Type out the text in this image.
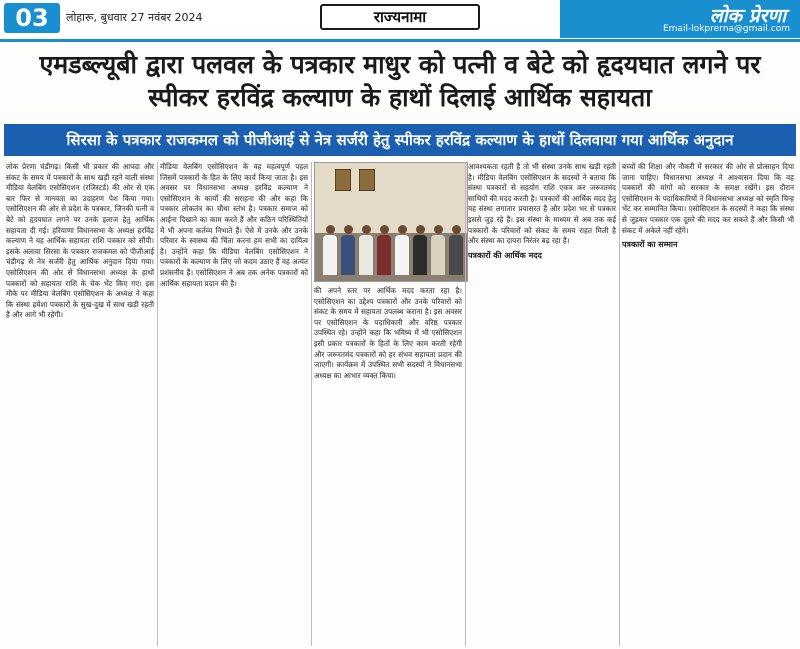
03	लोहारू, बुधवार 27 नवंबर 2024	राज्यनामा	लोक प्रेरणा
Email-lokprerna@gmail.com
एमडब्ल्यूबी द्वारा पलवल के पत्रकार माधुर को पत्नी व बेटे को हृदयघात लगने पर स्पीकर हरविंद्र कल्याण के हाथों दिलाई आर्थिक सहायता
सिरसा के पत्रकार राजकमल को पीजीआई से नेत्र सर्जरी हेतु स्पीकर हरविंद्र कल्याण के हाथों दिलवाया गया आर्थिक अनुदान

लोक प्रेरणा चंडीगढ़। किसी भी प्रकार की आपदा और संकट के समय में पत्रकारों के साथ खड़ी रहने वाली संस्था मीडिया वेलबिंग एसोसिएशन (रजिस्टर्ड) की ओर से एक बार फिर से मानवता का उदाहरण पेश किया गया। एसोसिएशन की ओर से प्रदेश के पत्रकार, जिनकी पत्नी व बेटे को हृदयघात लगने पर उनके इलाज हेतु आर्थिक सहायता दी गई। हरियाणा विधानसभा के अध्यक्ष हरविंद्र कल्याण ने यह आर्थिक सहायता राशि पत्रकार को सौंपी। इसके अलावा सिरसा के पत्रकार राजकमल को पीजीआई चंडीगढ़ से नेत्र सर्जरी हेतु आर्थिक अनुदान दिया गया। एसोसिएशन की ओर से विधानसभा अध्यक्ष के हाथों पत्रकारों को सहायता राशि के चेक भेंट किए गए। इस मौके पर मीडिया वेलबिंग एसोसिएशन के अध्यक्ष ने कहा कि संस्था हमेशा पत्रकारों के सुख-दुख में साथ खड़ी रहती है और आगे भी रहेगी।

मीडिया वेलबिंग एसोसिएशन के वह महत्वपूर्ण पहल जिसमें पत्रकारों के हित के लिए कार्य किया जाता है। इस अवसर पर विधानसभा अध्यक्ष हरविंद्र कल्याण ने एसोसिएशन के कार्यों की सराहना की और कहा कि पत्रकार लोकतंत्र का चौथा स्तंभ है। पत्रकार समाज को आईना दिखाने का काम करते हैं और कठिन परिस्थितियों में भी अपना कर्तव्य निभाते हैं। ऐसे में उनके और उनके परिवार के स्वास्थ्य की चिंता करना हम सभी का दायित्व है। उन्होंने कहा कि मीडिया वेलबिंग एसोसिएशन ने पत्रकारों के कल्याण के लिए जो कदम उठाए हैं वह अत्यंत प्रशंसनीय हैं। एसोसिएशन ने अब तक अनेक पत्रकारों को आर्थिक सहायता प्रदान की है।

की अपने स्तर पर आर्थिक मदद करता रहा है। एसोसिएशन का उद्देश्य पत्रकारों और उनके परिवारों को संकट के समय में सहायता उपलब्ध कराना है। इस अवसर पर एसोसिएशन के पदाधिकारी और वरिष्ठ पत्रकार उपस्थित रहे। उन्होंने कहा कि भविष्य में भी एसोसिएशन इसी प्रकार पत्रकारों के हितों के लिए काम करती रहेगी और जरूरतमंद पत्रकारों को हर संभव सहायता प्रदान की जाएगी। कार्यक्रम में उपस्थित सभी सदस्यों ने विधानसभा अध्यक्ष का आभार व्यक्त किया।

आवश्यकता रहती है तो भी संस्था उनके साथ खड़ी रहती है। मीडिया वेलबिंग एसोसिएशन के सदस्यों ने बताया कि संस्था पत्रकारों से सहयोग राशि एकत्र कर जरूरतमंद साथियों की मदद करती है। पत्रकारों की आर्थिक मदद हेतु यह संस्था लगातार प्रयासरत है और प्रदेश भर से पत्रकार इससे जुड़ रहे हैं। इस संस्था के माध्यम से अब तक कई पत्रकारों के परिवारों को संकट के समय राहत मिली है और संस्था का दायरा निरंतर बढ़ रहा है।

पत्रकारों की आर्थिक मदद

बच्चों की शिक्षा और नौकरी में सरकार की ओर से प्रोत्साहन दिया जाना चाहिए। विधानसभा अध्यक्ष ने आश्वासन दिया कि वह पत्रकारों की मांगों को सरकार के समक्ष रखेंगे। इस दौरान एसोसिएशन के पदाधिकारियों ने विधानसभा अध्यक्ष को स्मृति चिन्ह भेंट कर सम्मानित किया। एसोसिएशन के सदस्यों ने कहा कि संस्था से जुड़कर पत्रकार एक दूसरे की मदद कर सकते हैं और किसी भी संकट में अकेले नहीं रहेंगे।

पत्रकारों का सम्मान
